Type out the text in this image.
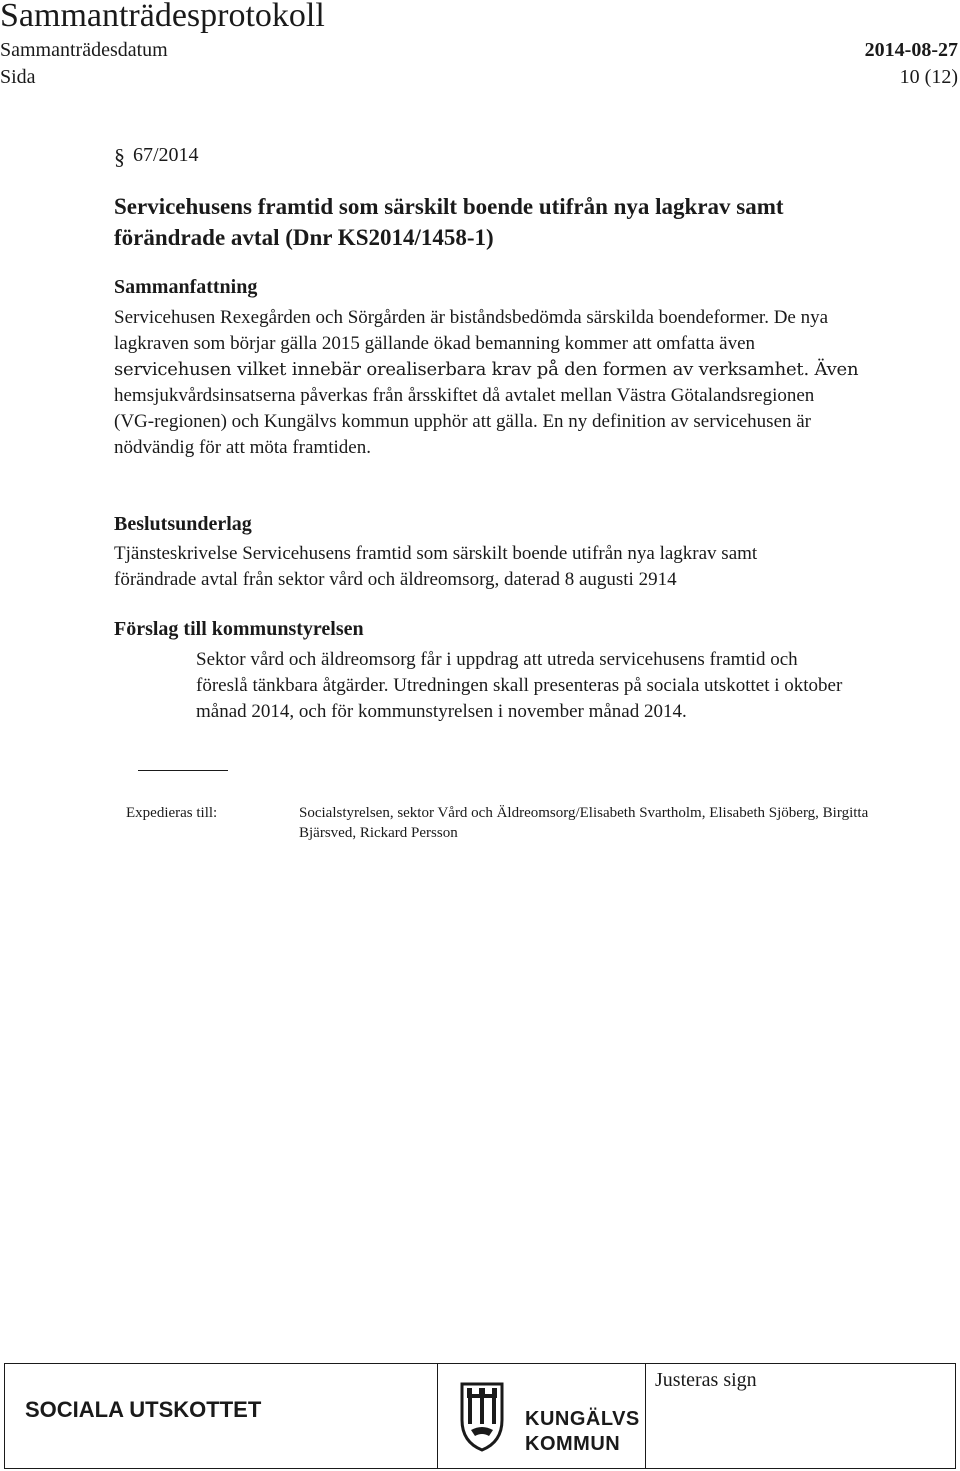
Sammanträdesprotokoll
Sammanträdesdatum	2014-08-27
Sida	10 (12)
§ 67/2014
Servicehusens framtid som särskilt boende utifrån nya lagkrav samt
förändrade avtal (Dnr KS2014/1458-1)
Sammanfattning
Servicehusen Rexegården och Sörgården är biståndsbedömda särskilda boendeformer. De nya
lagkraven som börjar gälla 2015 gällande ökad bemanning kommer att omfatta även
servicehusen vilket innebär orealiserbara krav på den formen av verksamhet. Även
hemsjukvårdsinsatserna påverkas från årsskiftet då avtalet mellan Västra Götalandsregionen
(VG-regionen) och Kungälvs kommun upphör att gälla. En ny definition av servicehusen är
nödvändig för att möta framtiden.
Beslutsunderlag
Tjänsteskrivelse Servicehusens framtid som särskilt boende utifrån nya lagkrav samt
förändrade avtal från sektor vård och äldreomsorg, daterad 8 augusti 2914
Förslag till kommunstyrelsen
Sektor vård och äldreomsorg får i uppdrag att utreda servicehusens framtid och
föreslå tänkbara åtgärder. Utredningen skall presenteras på sociala utskottet i oktober
månad 2014, och för kommunstyrelsen i november månad 2014.
Expedieras till:	Socialstyrelsen, sektor Vård och Äldreomsorg/Elisabeth Svartholm, Elisabeth Sjöberg, Birgitta
Bjärsved, Rickard Persson
SOCIALA UTSKOTTET	KUNGÄLVS
KOMMUN
Justeras sign
